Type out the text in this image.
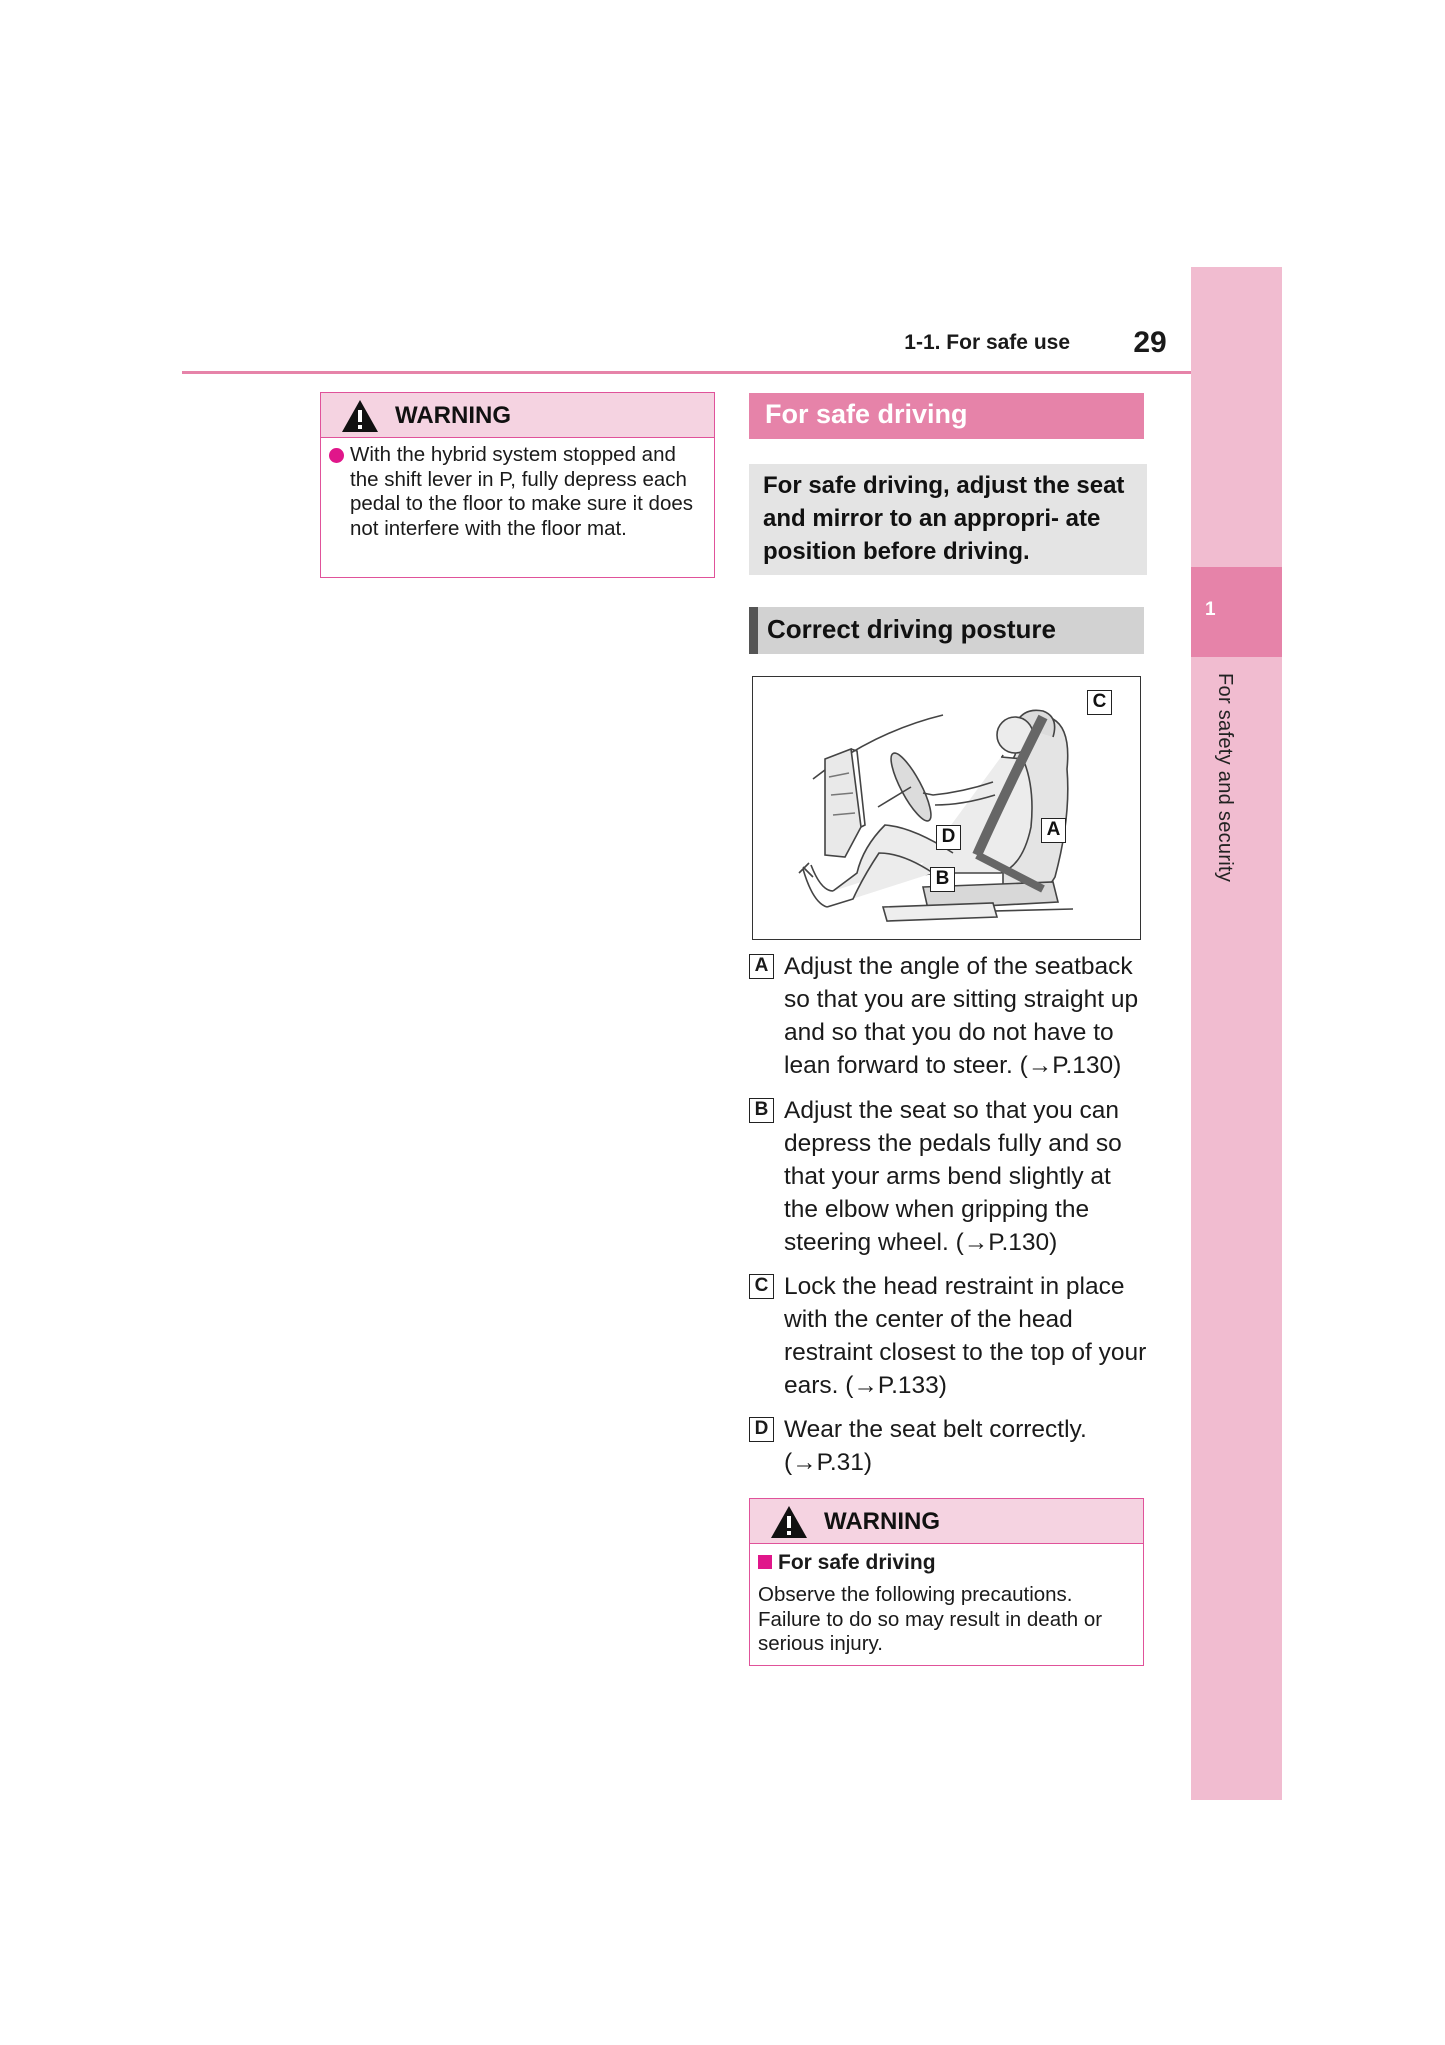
1
For safety and security
1-1. For safe use	29
WARNING
With the hybrid system stopped and the shift lever in P, fully depress each pedal to the floor to make sure it does not interfere with the floor mat.
For safe driving

For safe driving, adjust the seat and mirror to an appropri- ate position before driving.

Correct driving posture
C
A
D
B
A Adjust the angle of the seatback so that you are sitting straight up and so that you do not have to lean forward to steer. (→P.130)
B Adjust the seat so that you can depress the pedals fully and so that your arms bend slightly at the elbow when gripping the steering wheel. (→P.130)
C Lock the head restraint in place with the center of the head restraint closest to the top of your ears. (→P.133)
D Wear the seat belt correctly. (→P.31)
WARNING
For safe driving
Observe the following precautions. Failure to do so may result in death or serious injury.
